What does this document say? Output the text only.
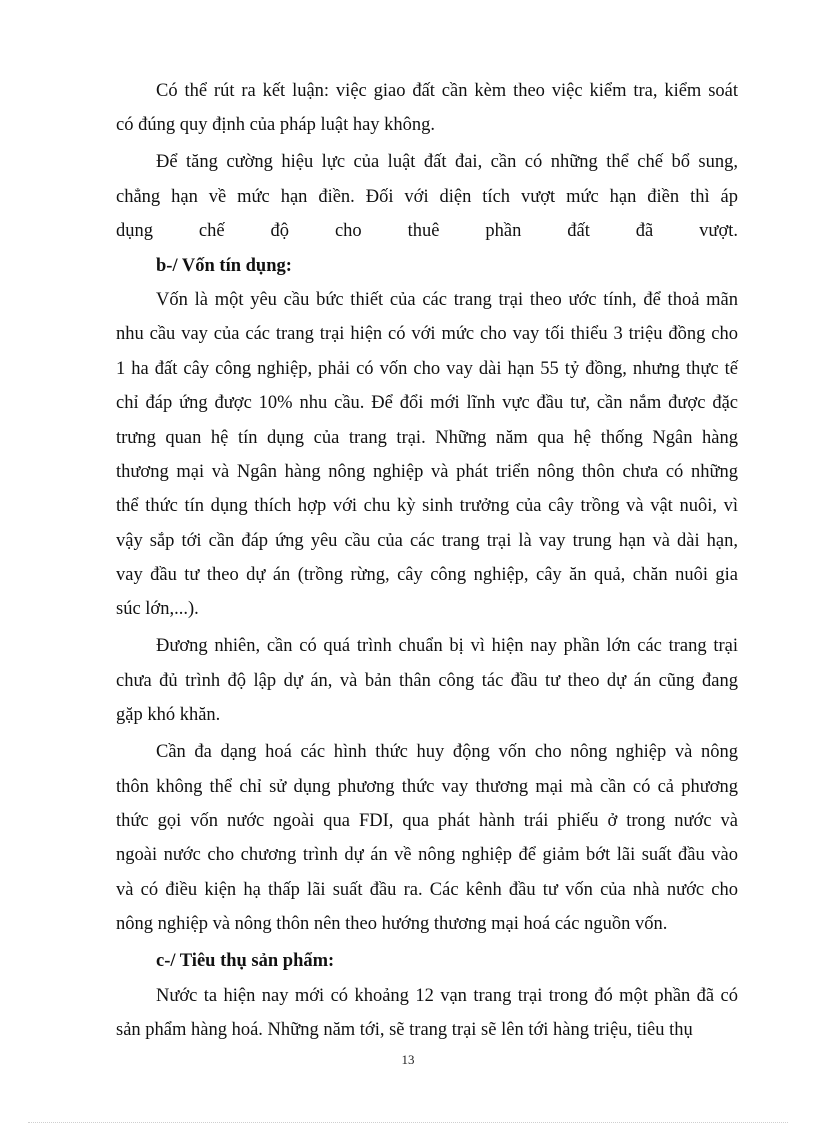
Có thể rút ra kết luận: việc giao đất cần kèm theo việc kiểm tra, kiểm soát
có đúng quy định của pháp luật hay không.
Để tăng cường hiệu lực của luật đất đai, cần có những thể chế bổ sung,
chẳng hạn về mức hạn điền. Đối với diện tích vượt mức hạn điền thì áp
dụng chế độ cho thuê phần đất đã vượt.
b-/ Vốn tín dụng:
Vốn là một yêu cầu bức thiết của các trang trại theo ước tính, để thoả mãn
nhu cầu vay của các trang trại hiện có với mức cho vay tối thiểu 3 triệu đồng cho
1 ha đất cây công nghiệp, phải có vốn cho vay dài hạn 55 tỷ đồng, nhưng thực tế
chỉ đáp ứng được 10% nhu cầu. Để đổi mới lĩnh vực đầu tư, cần nắm được đặc
trưng quan hệ tín dụng của trang trại. Những năm qua hệ thống Ngân hàng
thương mại và Ngân hàng nông nghiệp và phát triển nông thôn chưa có những
thể thức tín dụng thích hợp với chu kỳ sinh trưởng của cây trồng và vật nuôi, vì
vậy sắp tới cần đáp ứng yêu cầu của các trang trại là vay trung hạn và dài hạn,
vay đầu tư theo dự án (trồng rừng, cây công nghiệp, cây ăn quả, chăn nuôi gia
súc lớn,...).
Đương nhiên, cần có quá trình chuẩn bị vì hiện nay phần lớn các trang trại
chưa đủ trình độ lập dự án, và bản thân công tác đầu tư theo dự án cũng đang
gặp khó khăn.
Cần đa dạng hoá các hình thức huy động vốn cho nông nghiệp và nông
thôn không thể chỉ sử dụng phương thức vay thương mại mà cần có cả phương
thức gọi vốn nước ngoài qua FDI, qua phát hành trái phiếu ở trong nước và
ngoài nước cho chương trình dự án về nông nghiệp để giảm bớt lãi suất đầu vào
và có điều kiện hạ thấp lãi suất đầu ra. Các kênh đầu tư vốn của nhà nước cho
nông nghiệp và nông thôn nên theo hướng thương mại hoá các nguồn vốn.
c-/ Tiêu thụ sản phẩm:
Nước ta hiện nay mới có khoảng 12 vạn trang trại trong đó một phần đã có
sản phẩm hàng hoá. Những năm tới, sẽ trang trại sẽ lên tới hàng triệu, tiêu thụ
13
